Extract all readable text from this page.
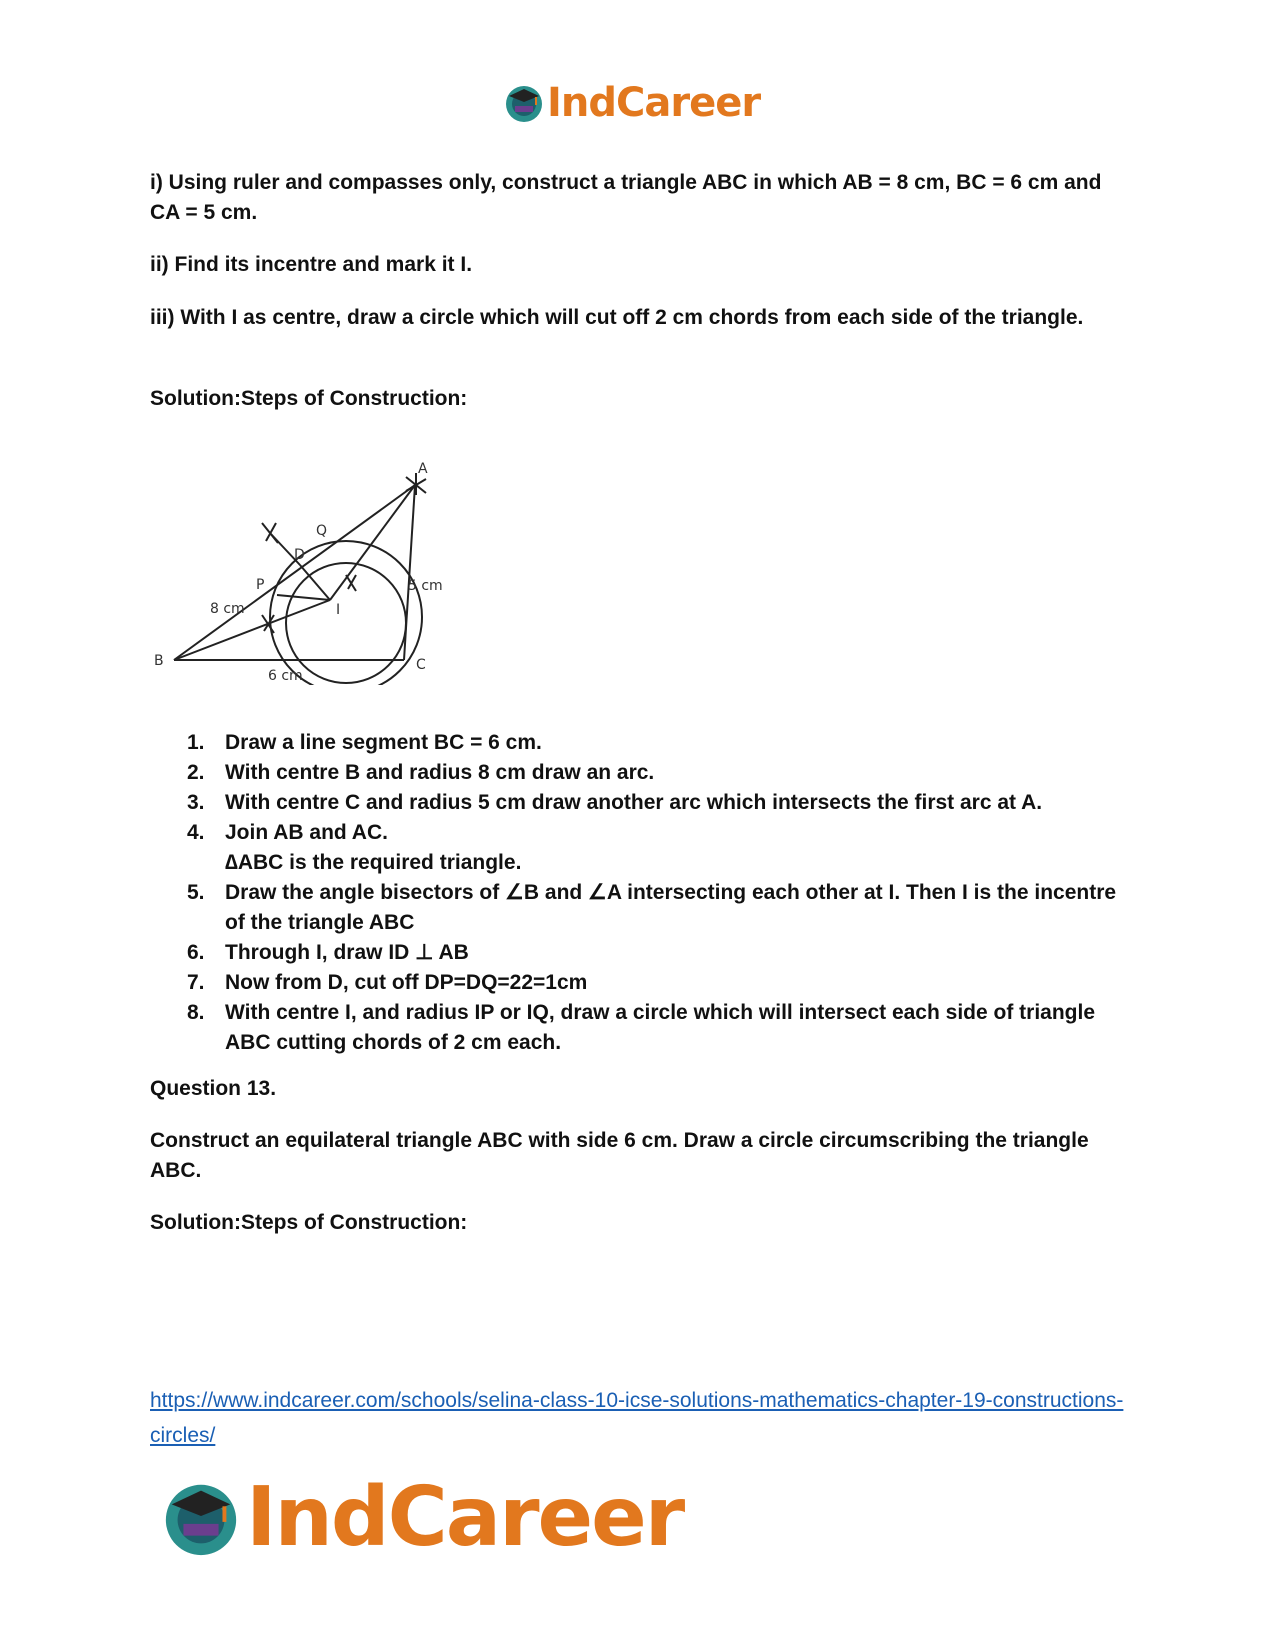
IndCareer

i) Using ruler and compasses only, construct a triangle ABC in which AB = 8 cm, BC = 6 cm and CA = 5 cm.

ii) Find its incentre and mark it I.

iii) With I as centre, draw a circle which will cut off 2 cm chords from each side of the triangle.

Solution:Steps of Construction:

A
B	C
I
P
Q
D
8 cm
6 cm
5 cm
1. Draw a line segment BC = 6 cm.
2. With centre B and radius 8 cm draw an arc.
3. With centre C and radius 5 cm draw another arc which intersects the first arc at A.
4. Join AB and AC.
∆ABC is the required triangle.
5. Draw the angle bisectors of ∠B and ∠A intersecting each other at I. Then I is the incentre of the triangle ABC
6. Through I, draw ID ⊥ AB
7. Now from D, cut off DP=DQ=22=1cm
8. With centre I, and radius IP or IQ, draw a circle which will intersect each side of triangle ABC cutting chords of 2 cm each.

Question 13.

Construct an equilateral triangle ABC with side 6 cm. Draw a circle circumscribing the triangle ABC.

Solution:Steps of Construction:

https://www.indcareer.com/schools/selina-class-10-icse-solutions-mathematics-chapter-19-constructions-circles/
IndCareer
